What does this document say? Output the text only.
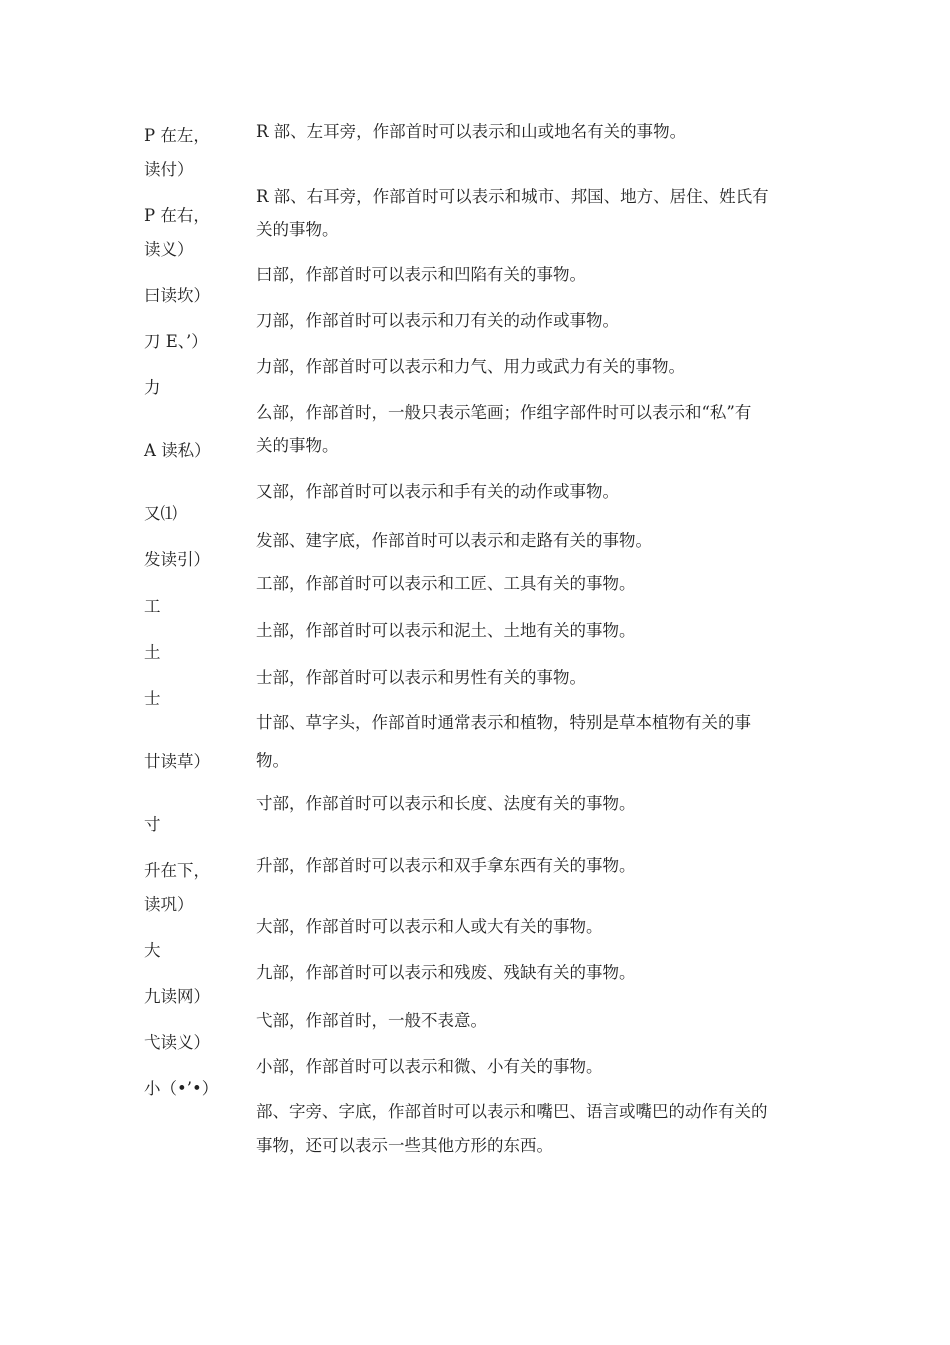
P 在左，
读付）
P 在右，
读义）
曰读坎）
刀 E、’）
力
A 读私）
又⑴
发读引）
工
土
士
廿读草）
寸
升在下，
读巩）
大
九读网）
弋读义）
小（•’•）
R 部、左耳旁，作部首时可以表示和山或地名有关的事物。
R 部、右耳旁，作部首时可以表示和城市、邦国、地方、居住、姓氏有
关的事物。
曰部，作部首时可以表示和凹陷有关的事物。
刀部，作部首时可以表示和刀有关的动作或事物。
力部，作部首时可以表示和力气、用力或武力有关的事物。
么部，作部首时，一般只表示笔画；作组字部件时可以表示和“私”有
关的事物。
又部，作部首时可以表示和手有关的动作或事物。
发部、建字底，作部首时可以表示和走路有关的事物。
工部，作部首时可以表示和工匠、工具有关的事物。
土部，作部首时可以表示和泥土、土地有关的事物。
士部，作部首时可以表示和男性有关的事物。
廿部、草字头，作部首时通常表示和植物，特别是草本植物有关的事
物。
寸部，作部首时可以表示和长度、法度有关的事物。
升部，作部首时可以表示和双手拿东西有关的事物。
大部，作部首时可以表示和人或大有关的事物。
九部，作部首时可以表示和残废、残缺有关的事物。
弋部，作部首时，一般不表意。
小部，作部首时可以表示和微、小有关的事物。
部、字旁、字底，作部首时可以表示和嘴巴、语言或嘴巴的动作有关的
事物，还可以表示一些其他方形的东西。
